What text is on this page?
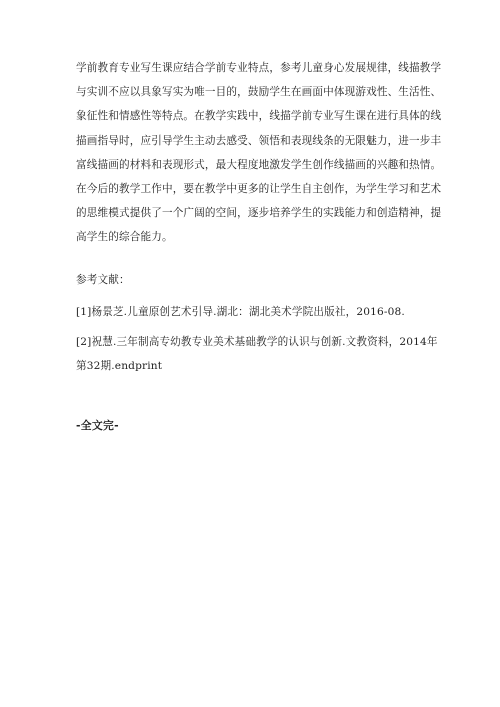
学前教育专业写生课应结合学前专业特点，参考儿童身心发展规律，线描教学
与实训不应以具象写实为唯一目的，鼓励学生在画面中体现游戏性、生活性、
象征性和情感性等特点。在教学实践中，线描学前专业写生课在进行具体的线
描画指导时，应引导学生主动去感受、领悟和表现线条的无限魅力，进一步丰
富线描画的材料和表现形式，最大程度地激发学生创作线描画的兴趣和热情。
在今后的教学工作中，要在教学中更多的让学生自主创作，为学生学习和艺术
的思维模式提供了一个广阔的空间，逐步培养学生的实践能力和创造精神，提
高学生的综合能力。
参考文献：
[1]杨景芝.儿童原创艺术引导.湖北：湖北美术学院出版社，2016-08.
[2]祝慧.三年制高专幼教专业美术基础教学的认识与创新.文教资料，2014年
第32期.endprint
-全文完-
